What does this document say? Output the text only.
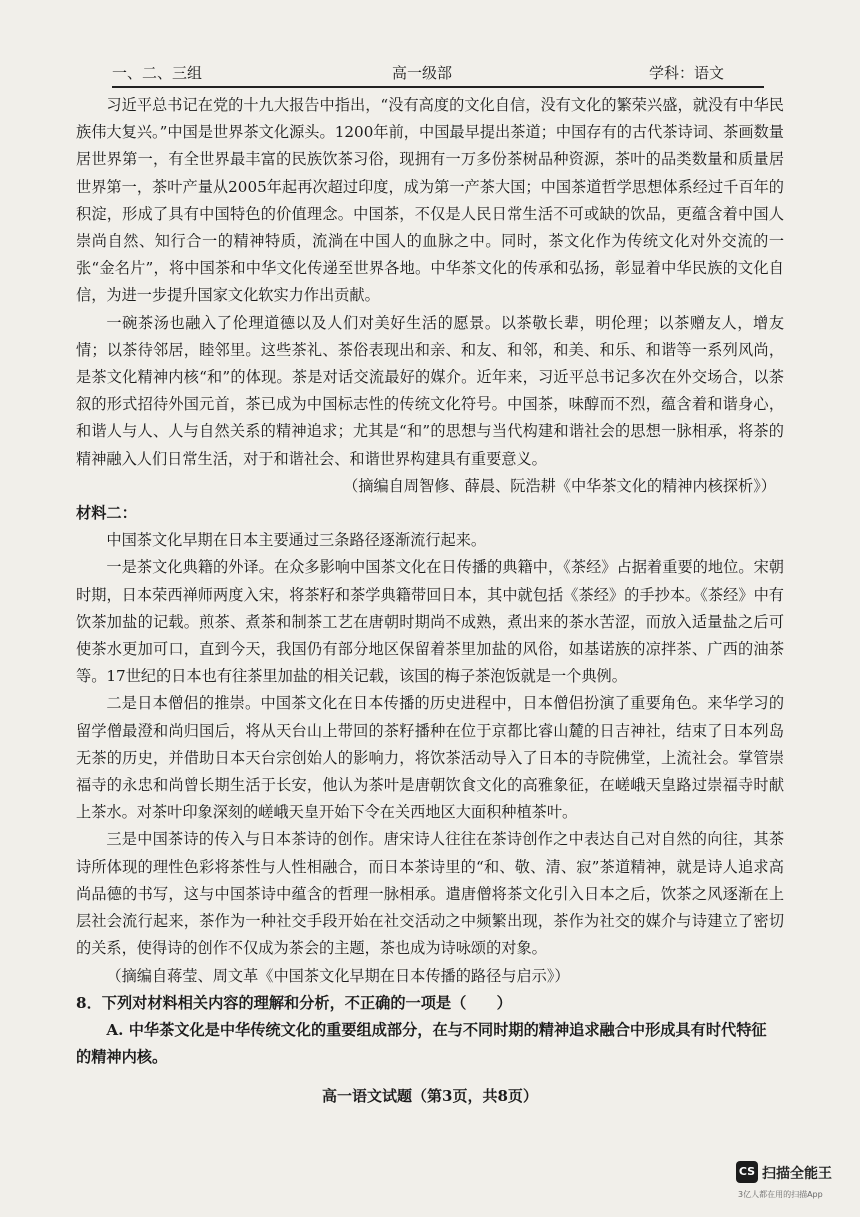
一、二、三组	高一级部	学科：语文

习近平总书记在党的十九大报告中指出，“没有高度的文化自信，没有文化的繁荣兴盛，就没有中华民族伟大复兴。”中国是世界茶文化源头。1200年前，中国最早提出茶道；中国存有的古代茶诗词、茶画数量居世界第一，有全世界最丰富的民族饮茶习俗，现拥有一万多份茶树品种资源，茶叶的品类数量和质量居世界第一，茶叶产量从2005年起再次超过印度，成为第一产茶大国；中国茶道哲学思想体系经过千百年的积淀，形成了具有中国特色的价值理念。中国茶，不仅是人民日常生活不可或缺的饮品，更蕴含着中国人崇尚自然、知行合一的精神特质，流淌在中国人的血脉之中。同时，茶文化作为传统文化对外交流的一张“金名片”，将中国茶和中华文化传递至世界各地。中华茶文化的传承和弘扬，彰显着中华民族的文化自信，为进一步提升国家文化软实力作出贡献。

一碗茶汤也融入了伦理道德以及人们对美好生活的愿景。以茶敬长辈，明伦理；以茶赠友人，增友情；以茶待邻居，睦邻里。这些茶礼、茶俗表现出和亲、和友、和邻，和美、和乐、和谐等一系列风尚，是茶文化精神内核“和”的体现。茶是对话交流最好的媒介。近年来，习近平总书记多次在外交场合，以茶叙的形式招待外国元首，茶已成为中国标志性的传统文化符号。中国茶，味醇而不烈，蕴含着和谐身心，和谐人与人、人与自然关系的精神追求；尤其是“和”的思想与当代构建和谐社会的思想一脉相承，将茶的精神融入人们日常生活，对于和谐社会、和谐世界构建具有重要意义。

（摘编自周智修、薛晨、阮浩耕《中华茶文化的精神内核探析》）

材料二：

中国茶文化早期在日本主要通过三条路径逐渐流行起来。

一是茶文化典籍的外译。在众多影响中国茶文化在日传播的典籍中，《茶经》占据着重要的地位。宋朝时期，日本荣西禅师两度入宋，将茶籽和茶学典籍带回日本，其中就包括《茶经》的手抄本。《茶经》中有饮茶加盐的记载。煎茶、煮茶和制茶工艺在唐朝时期尚不成熟，煮出来的茶水苦涩，而放入适量盐之后可使茶水更加可口，直到今天，我国仍有部分地区保留着茶里加盐的风俗，如基诺族的凉拌茶、广西的油茶等。17世纪的日本也有往茶里加盐的相关记载，该国的梅子茶泡饭就是一个典例。

二是日本僧侣的推崇。中国茶文化在日本传播的历史进程中，日本僧侣扮演了重要角色。来华学习的留学僧最澄和尚归国后，将从天台山上带回的茶籽播种在位于京都比睿山麓的日吉神社，结束了日本列岛无茶的历史，并借助日本天台宗创始人的影响力，将饮茶活动导入了日本的寺院佛堂，上流社会。掌管崇福寺的永忠和尚曾长期生活于长安，他认为茶叶是唐朝饮食文化的高雅象征，在嵯峨天皇路过崇福寺时献上茶水。对茶叶印象深刻的嵯峨天皇开始下令在关西地区大面积种植茶叶。

三是中国茶诗的传入与日本茶诗的创作。唐宋诗人往往在茶诗创作之中表达自己对自然的向往，其茶诗所体现的理性色彩将茶性与人性相融合，而日本茶诗里的“和、敬、清、寂”茶道精神，就是诗人追求高尚品德的书写，这与中国茶诗中蕴含的哲理一脉相承。遣唐僧将茶文化引入日本之后，饮茶之风逐渐在上层社会流行起来，茶作为一种社交手段开始在社交活动之中频繁出现，茶作为社交的媒介与诗建立了密切的关系，使得诗的创作不仅成为茶会的主题，茶也成为诗咏颂的对象。

（摘编自蒋莹、周文革《中国茶文化早期在日本传播的路径与启示》）

8．下列对材料相关内容的理解和分析，不正确的一项是（　　）

A. 中华茶文化是中华传统文化的重要组成部分，在与不同时期的精神追求融合中形成具有时代特征

的精神内核。

高一语文试题（第3页，共8页）
CS 扫描全能王
3亿人都在用的扫描App
